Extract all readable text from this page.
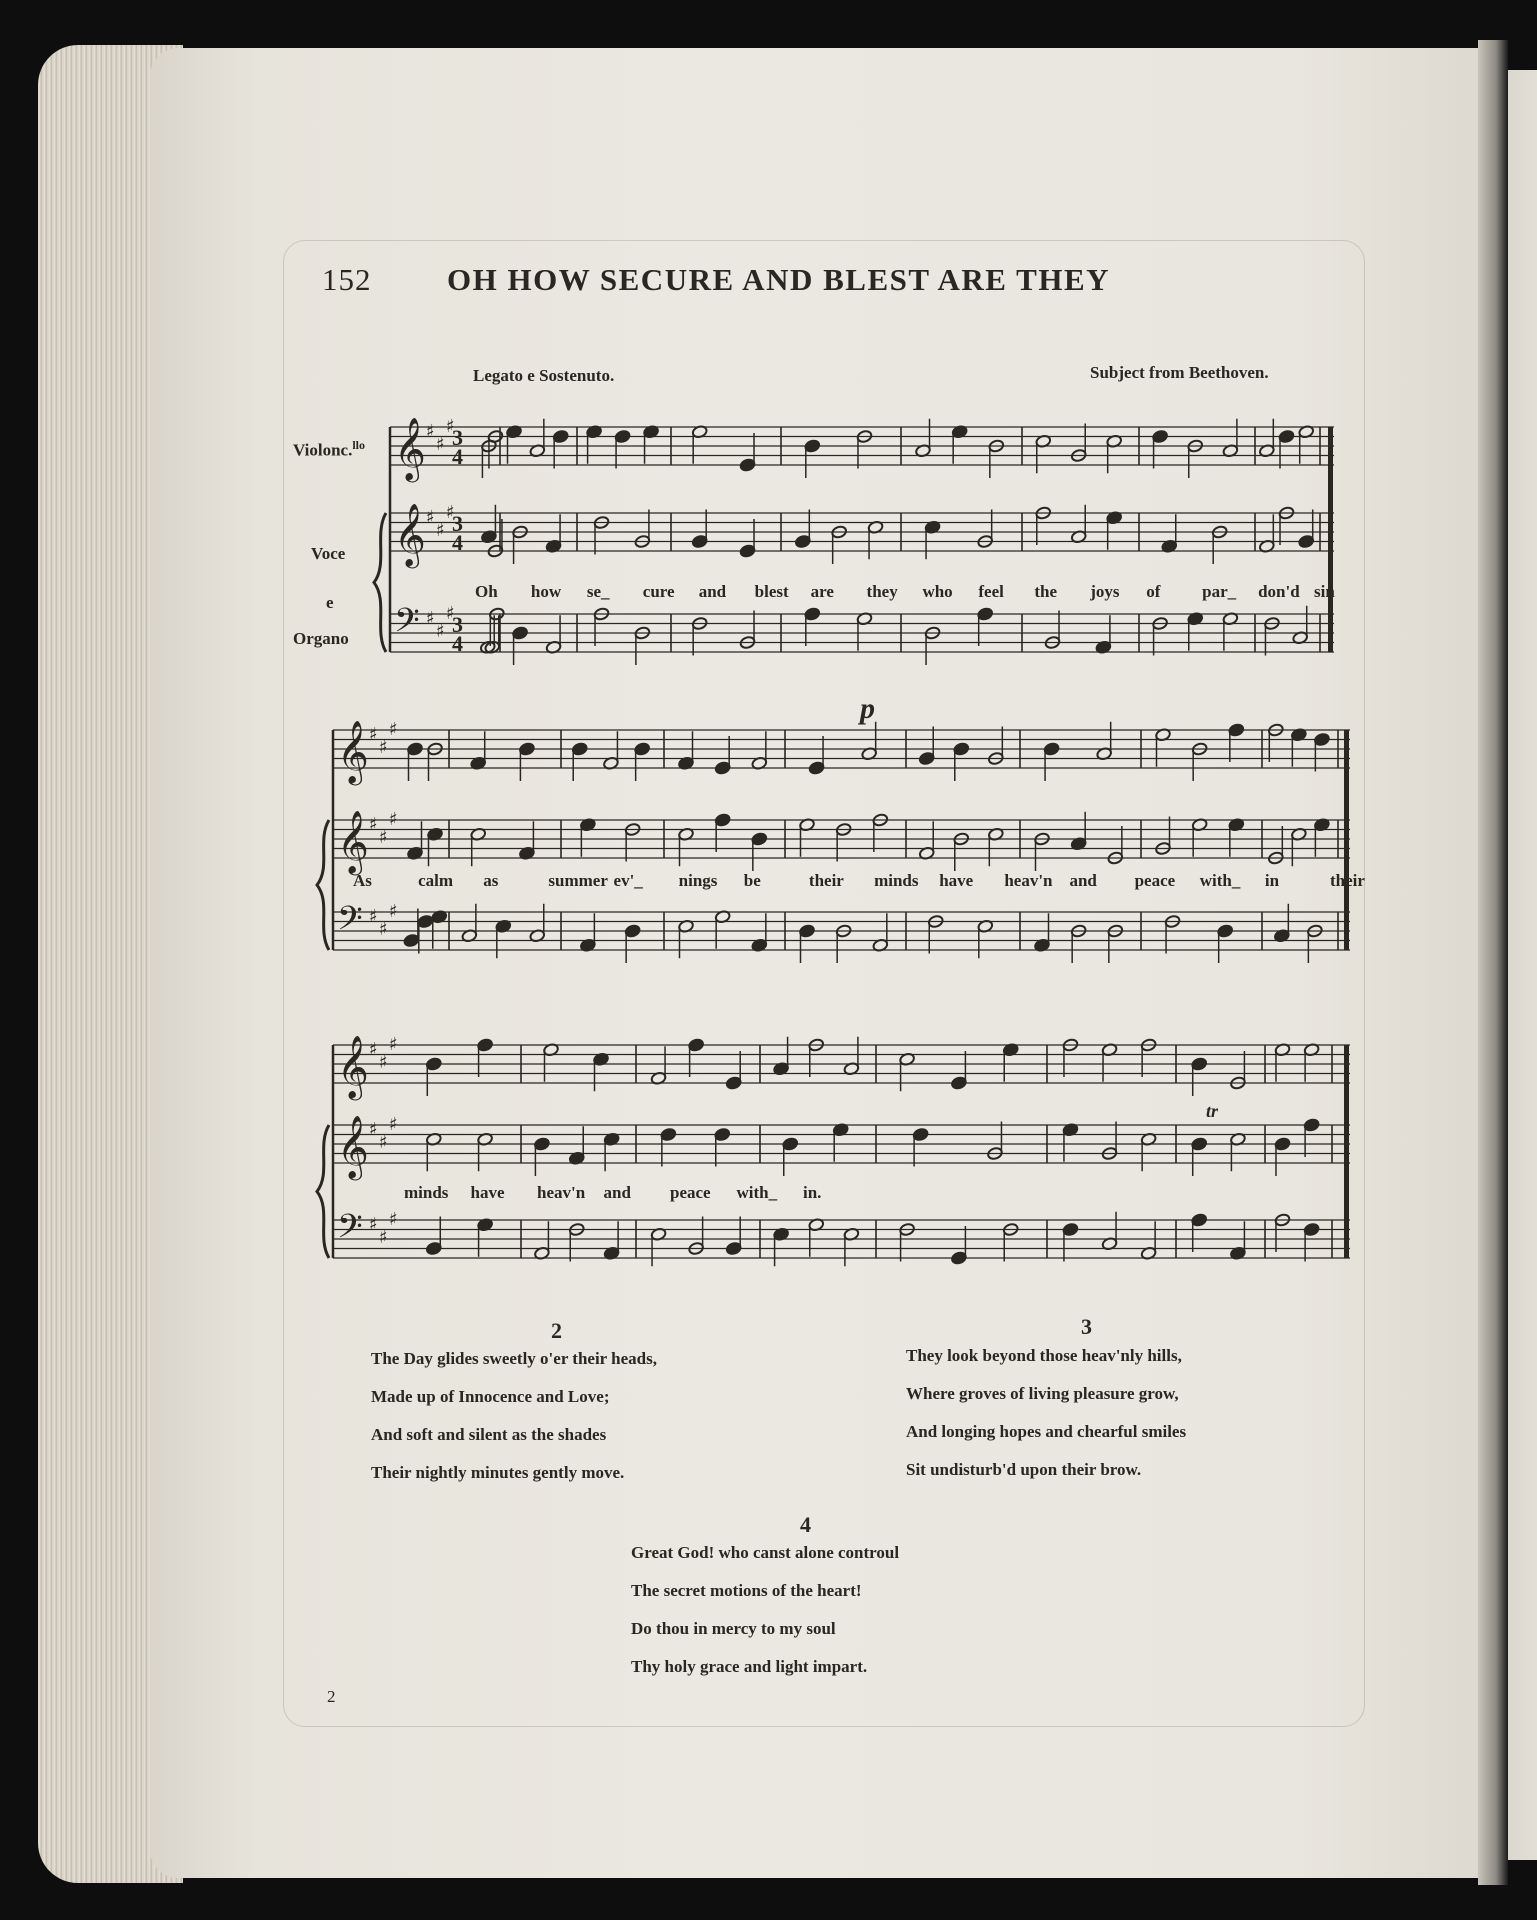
152 OH HOW SECURE AND BLEST ARE THEY
Legato e Sostenuto.	Subject from Beethoven.
Violonc.$^{llo}$
Voce
e
Organo
𝄞 ♯
♯
♯
𝄞 ♯
♯
♯
𝄢 ♯
♯
♯
𝄞 ♯
♯
♯
𝄞 ♯
♯
♯
𝄢 ♯
♯
♯
𝄞 ♯
♯
♯
𝄞 ♯
♯
♯
𝄢 ♯
♯
♯
3
4
3
4
3
4
Oh how se_ cure and blest are they who feel the joys of par_ don'd sin
As	calm as	summer ev'_ nings be	their minds have heav'n and peace with_ in	their
minds have heav'n and peace with_ in.
p
tr
2
The Day glides sweetly o'er their heads,
Made up of Innocence and Love;
And soft and silent as the shades
Their nightly minutes gently move.
3
They look beyond those heav'nly hills,
Where groves of living pleasure grow,
And longing hopes and chearful smiles
Sit undisturb'd upon their brow.
4
Great God! who canst alone controul
The secret motions of the heart!
Do thou in mercy to my soul
Thy holy grace and light impart.
2
